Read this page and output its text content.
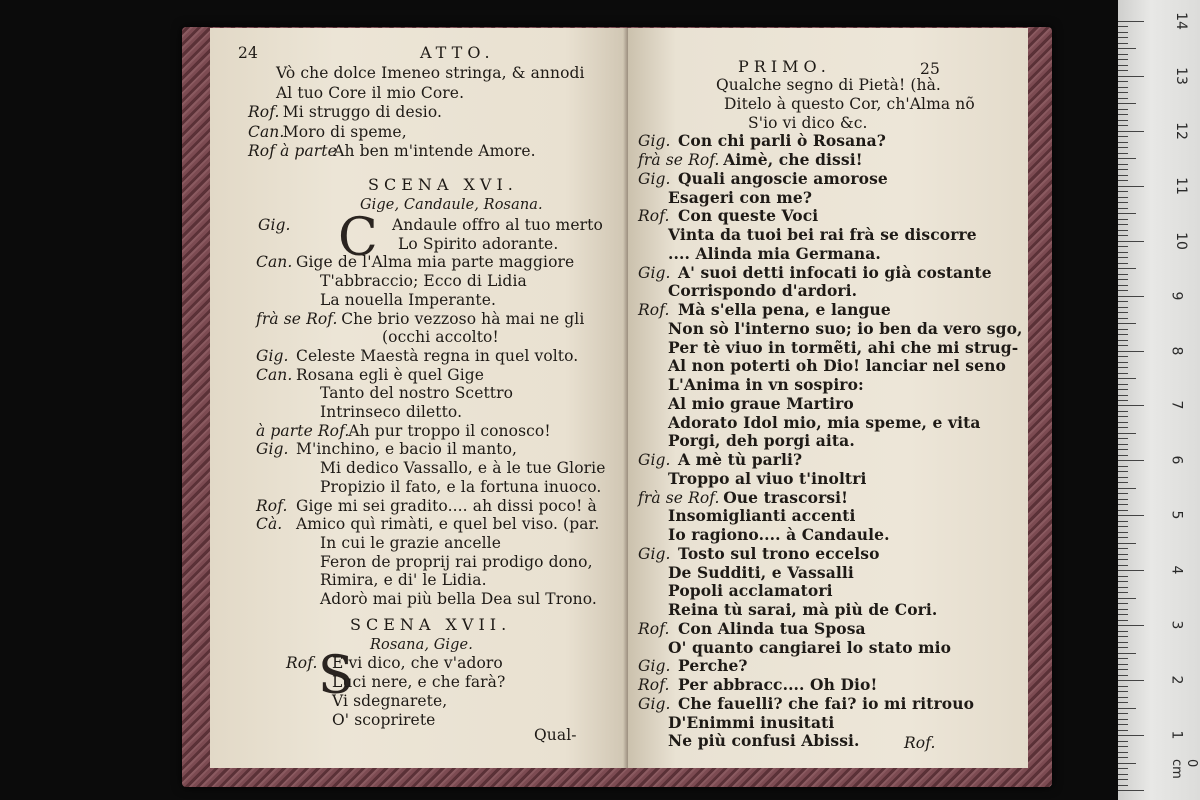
24	ATTO.
Vò che dolce Imeneo stringa, & annodi
Al tuo Core il mio Core.
Rof. Mi struggo di desio.
Can.
Moro di speme,
Rof à parte
Ah ben m'intende Amore.
SCENA XVI.
Gige, Candaule, Rosana.
C
Gig.	Andaule offro al tuo merto
Lo Spirito adorante.
Can. Gige de l'Alma mia parte maggiore
T'abbraccio; Ecco di Lidia
La nouella Imperante.
frà se Rof. Che brio vezzoso hà mai ne gli
(occhi accolto!
Gig. Celeste Maestà regna in quel volto.
Can. Rosana egli è quel Gige
Tanto del nostro Scettro
Intrinseco diletto.
à parte Rof. Ah pur troppo il conosco!
Gig. M'inchino, e bacio il manto,
Mi dedico Vassallo, e à le tue Glorie
Propizio il fato, e la fortuna inuoco.
Rof. Gige mi sei gradito.... ah dissi poco! à
Cà. Amico quì rimàti, e quel bel viso. (par.
In cui le grazie ancelle
Feron de proprij rai prodigo dono,
Rimira, e di' le Lidia.
Adorò mai più bella Dea sul Trono.
SCENA XVII.
Rosana, Gige.
S
Rof. E vi dico, che v'adoro
Luci nere, e che farà?
Vi sdegnarete,
O' scoprirete
Qual-
PRIMO.	25
Qualche segno di Pietà! (hà.
Ditelo à questo Cor, ch'Alma nõ
S'io vi dico &c.
Gig. Con chi parli ò Rosana?
frà se Rof. Aimè, che dissi!
Gig. Quali angoscie amorose
Esageri con me?
Rof. Con queste Voci
Vinta da tuoi bei rai frà se discorre
.... Alinda mia Germana.
Gig. A' suoi detti infocati io già costante
Corrispondo d'ardori.
Rof. Mà s'ella pena, e langue
Non sò l'interno suo; io ben da vero sgo,
Per tè viuo in tormẽti, ahi che mi strug-
Al non poterti oh Dio! lanciar nel seno
L'Anima in vn sospiro:
Al mio graue Martiro
Adorato Idol mio, mia speme, e vita
Porgi, deh porgi aita.
Gig. A mè tù parli?
Troppo al viuo t'inoltri
frà se Rof. Oue trascorsi!
Insomiglianti accenti
Io ragiono.... à Candaule.
Gig. Tosto sul trono eccelso
De Sudditi, e Vassalli
Popoli acclamatori
Reina tù sarai, mà più de Cori.
Rof. Con Alinda tua Sposa
O' quanto cangiarei lo stato mio
Gig. Perche?
Rof. Per abbracc.... Oh Dio!
Gig. Che fauelli? che fai? io mi ritrouo
D'Enimmi inusitati
Ne più confusi Abissi.	Rof.
0 cm
14
13
12
11
10
9
8
7
6
5
4
3
2
1
